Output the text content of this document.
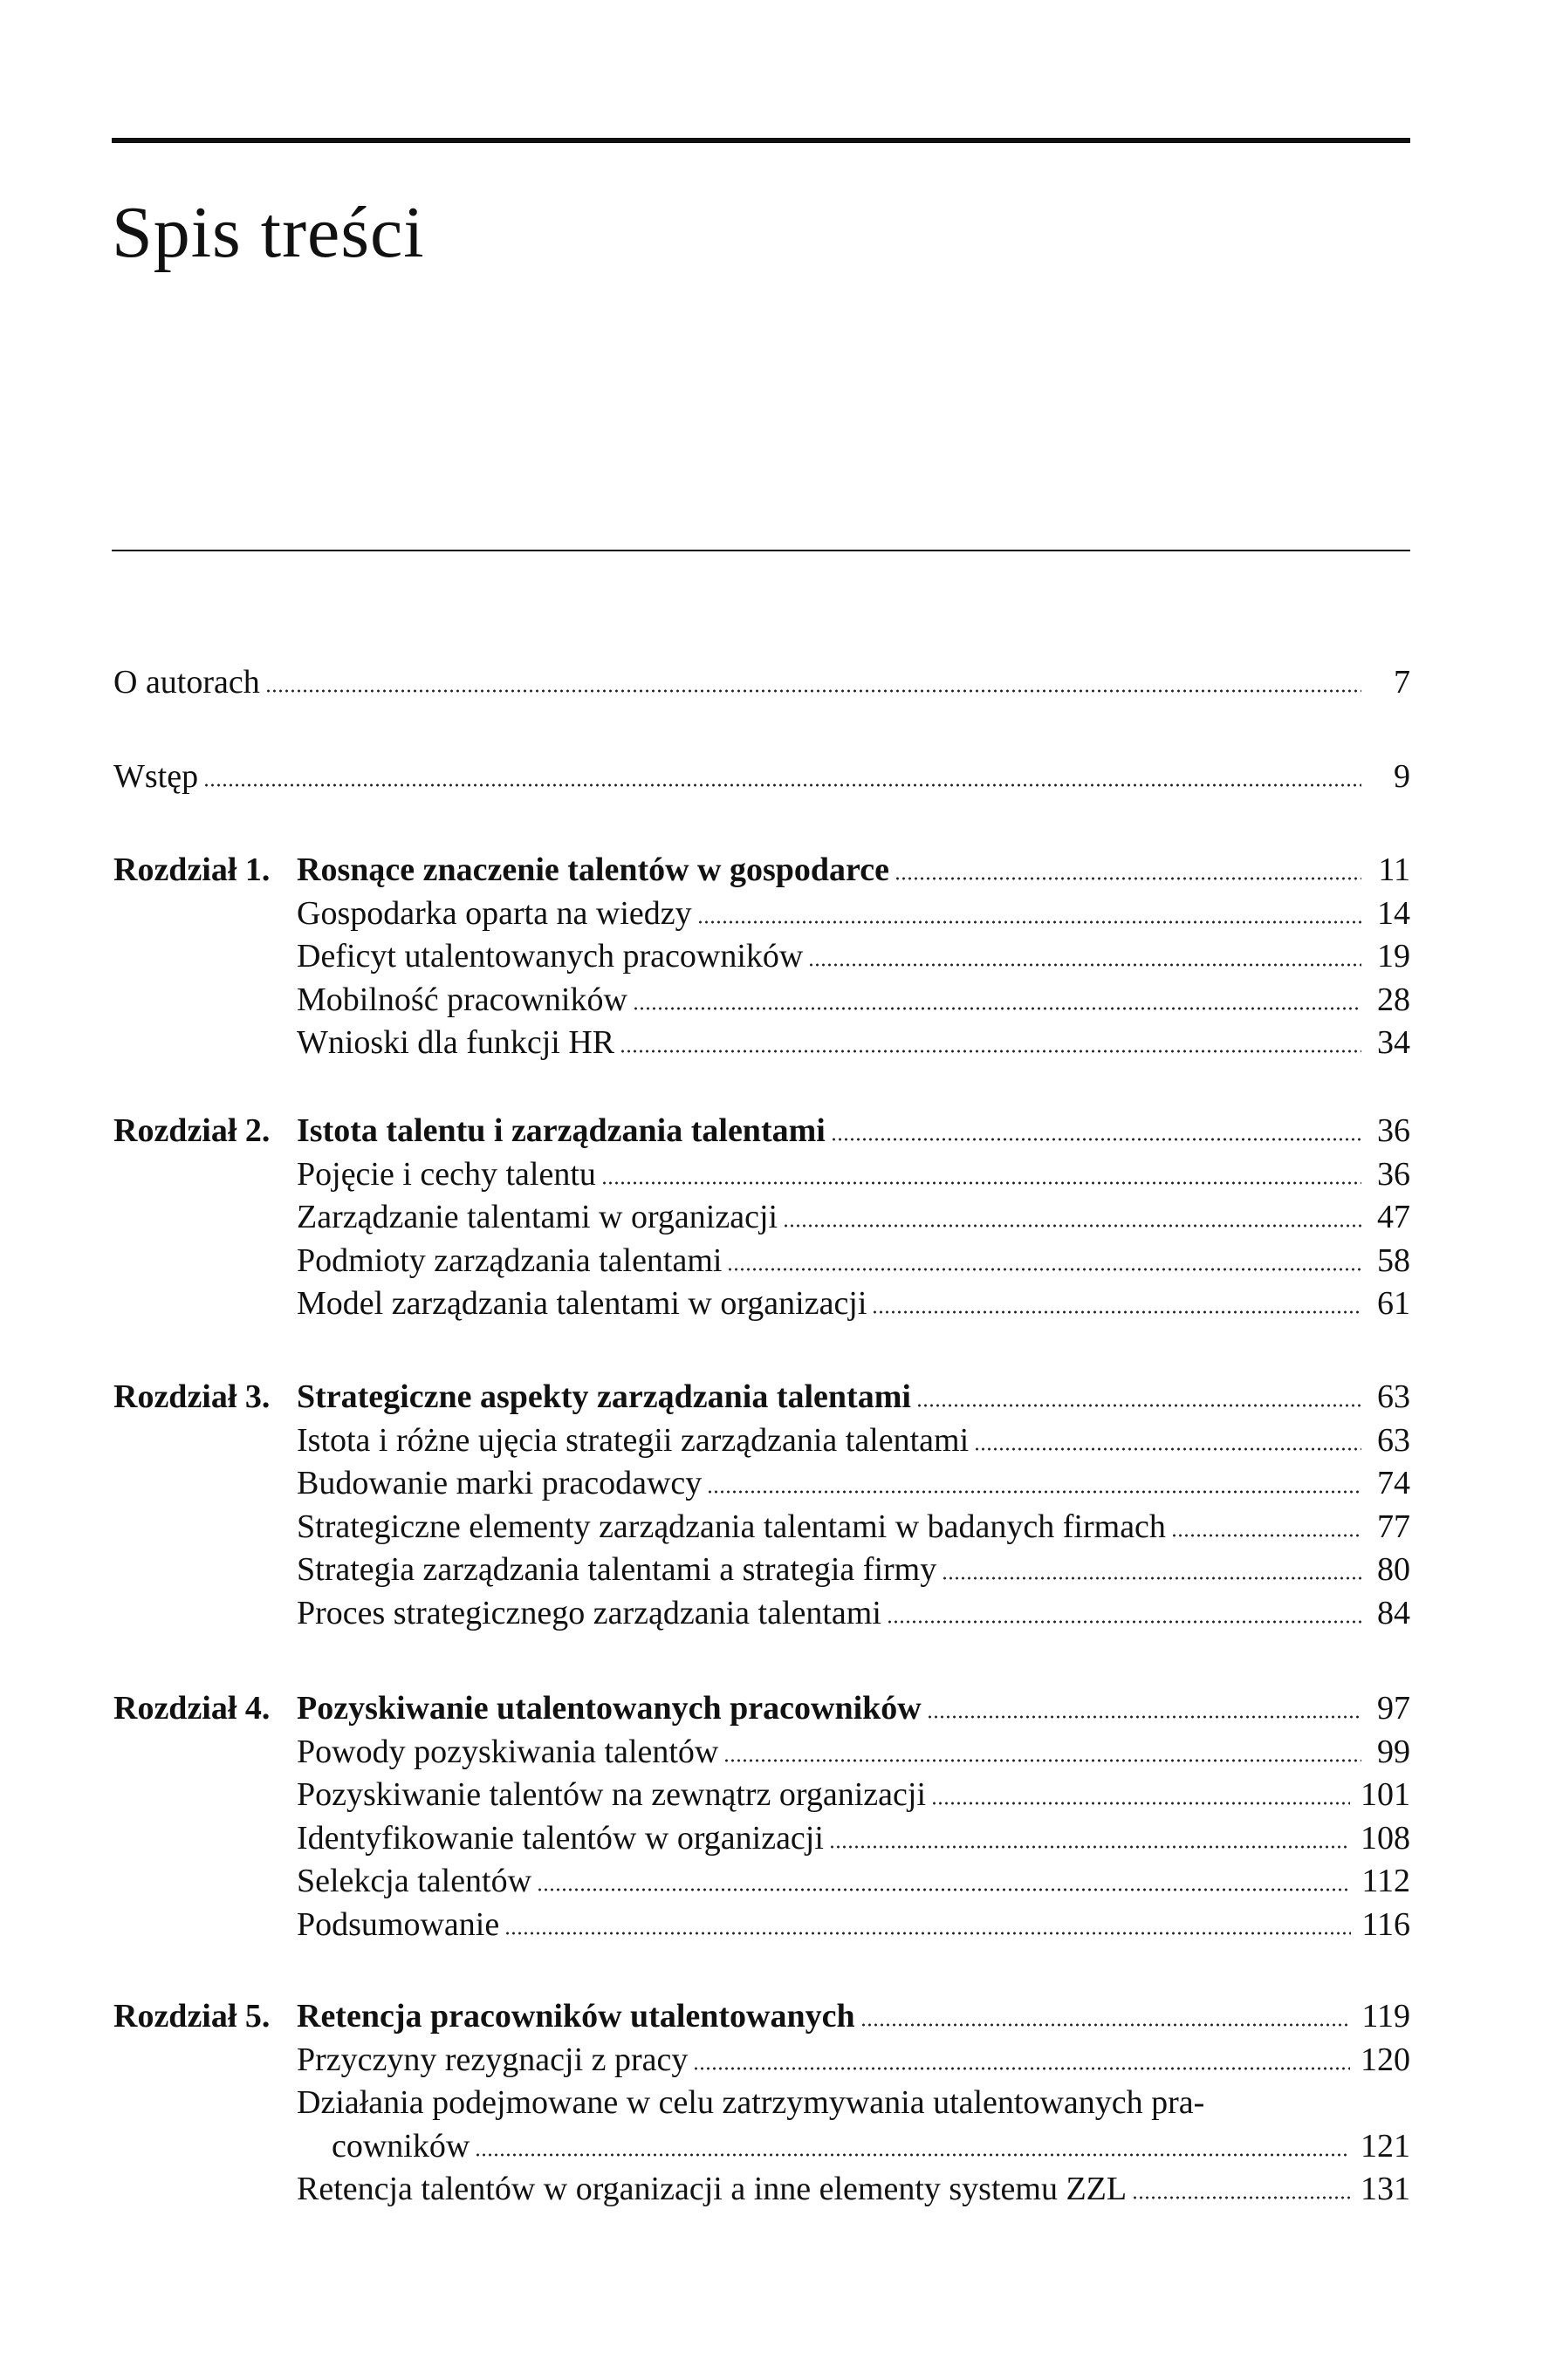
Spis treści
O autorach	7
Wstęp	9
Rozdział 1. Rosnące znaczenie talentów w gospodarce	11
Gospodarka oparta na wiedzy	14
Deficyt utalentowanych pracowników	19
Mobilność pracowników	28
Wnioski dla funkcji HR	34
Rozdział 2. Istota talentu i zarządzania talentami	36
Pojęcie i cechy talentu	36
Zarządzanie talentami w organizacji	47
Podmioty zarządzania talentami	58
Model zarządzania talentami w organizacji	61
Rozdział 3. Strategiczne aspekty zarządzania talentami	63
Istota i różne ujęcia strategii zarządzania talentami	63
Budowanie marki pracodawcy	74
Strategiczne elementy zarządzania talentami w badanych firmach	77
Strategia zarządzania talentami a strategia firmy	80
Proces strategicznego zarządzania talentami	84
Rozdział 4. Pozyskiwanie utalentowanych pracowników	97
Powody pozyskiwania talentów	99
Pozyskiwanie talentów na zewnątrz organizacji	101
Identyfikowanie talentów w organizacji	108
Selekcja talentów	112
Podsumowanie	116
Rozdział 5. Retencja pracowników utalentowanych	119
Przyczyny rezygnacji z pracy	120
Działania podejmowane w celu zatrzymywania utalentowanych pra-
cowników	121
Retencja talentów w organizacji a inne elementy systemu ZZL	131
